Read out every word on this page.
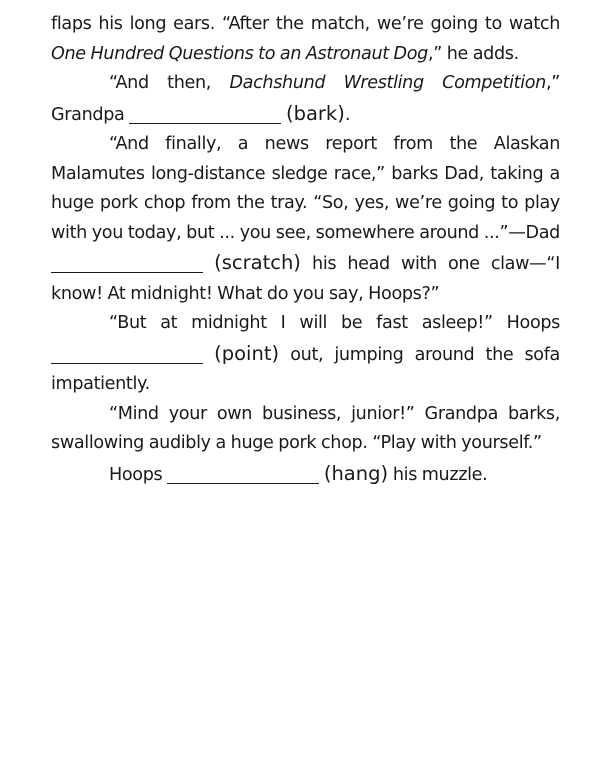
flaps his long ears. “After the match, we’re going to watch One Hundred Questions to an Astronaut Dog,” he adds.

“And then, Dachshund Wrestling Competition,” Grandpa	(bark).

“And finally, a news report from the Alaskan Malamutes long-distance sledge race,” barks Dad, taking a huge pork chop from the tray. “So, yes, we’re going to play with you today, but ... you see, somewhere around ...”—Dad  (scratch) his head with one claw—“I know! At midnight! What do you say, Hoops?”

“But at midnight I will be fast asleep!” Hoops  (point) out, jumping around the sofa impatiently.

“Mind your own business, junior!” Grandpa barks, swallowing audibly a huge pork chop. “Play with yourself.”

Hoops	(hang) his muzzle.
